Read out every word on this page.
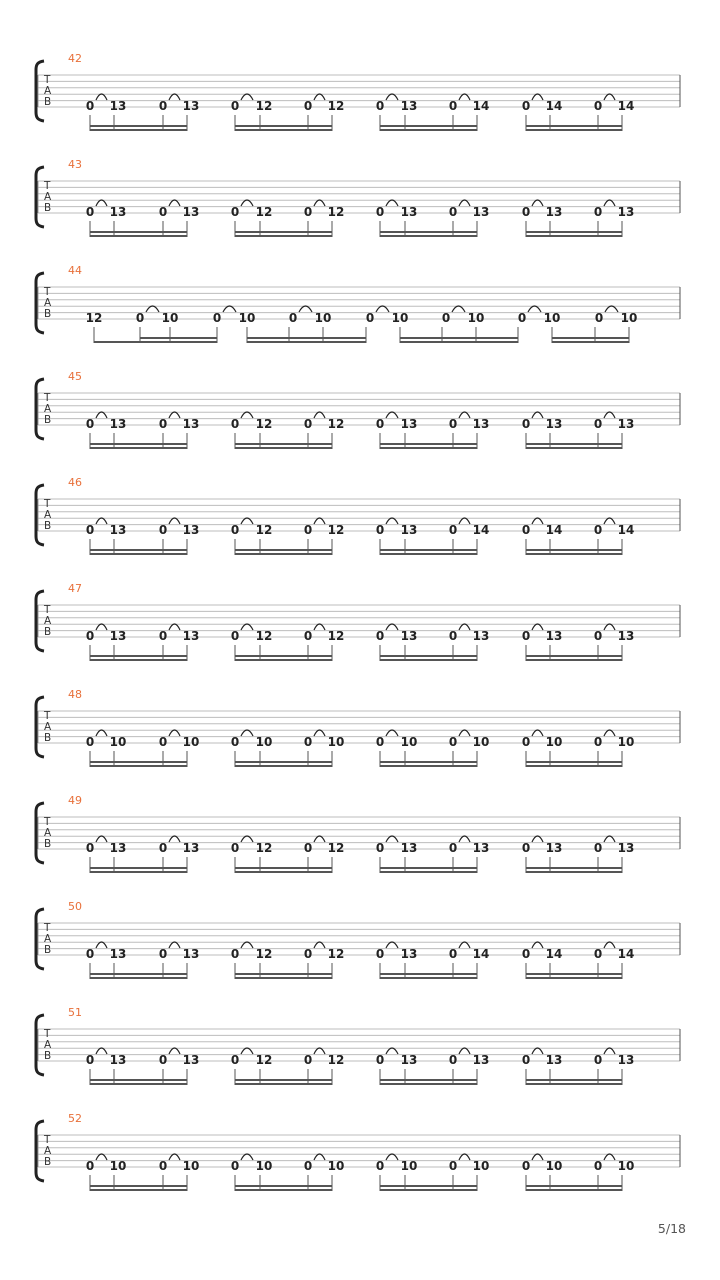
T
A
B
42
0 13	0 13	0 12	0 12	0 13	0 14	0 14	0 14
T
A
B
43
0 13	0 13	0 12	0 12	0 13	0 13	0 13	0 13
T
A
B
44
12	0 10	0 10	0 10	0 10	0 10	0 10	0 10
T
A
B
45
0 13	0 13	0 12	0 12	0 13	0 13	0 13	0 13
T
A
B
46
0 13	0 13	0 12	0 12	0 13	0 14	0 14	0 14
T
A
B
47
0 13	0 13	0 12	0 12	0 13	0 13	0 13	0 13
T
A
B
48
0 10	0 10	0 10	0 10	0 10	0 10	0 10	0 10
T
A
B
49
0 13	0 13	0 12	0 12	0 13	0 13	0 13	0 13
T
A
B
50
0 13	0 13	0 12	0 12	0 13	0 14	0 14	0 14
T
A
B
51
0 13	0 13	0 12	0 12	0 13	0 13	0 13	0 13
T
A
B
52
0 10	0 10	0 10	0 10	0 10	0 10	0 10	0 10
5/18
